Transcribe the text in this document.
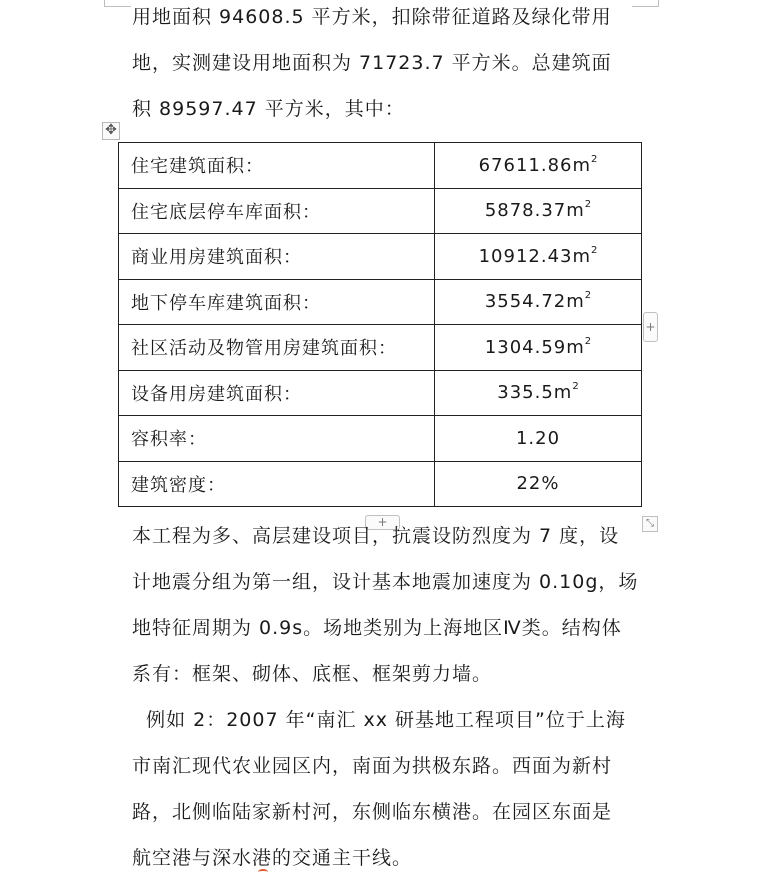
用地面积 94608.5 平方米，扣除带征道路及绿化带用
地，实测建设用地面积为 71723.7 平方米。总建筑面
积 89597.47 平方米，其中：
✥
住宅建筑面积：	$67611.86m^2$
住宅底层停车库面积：	$5878.37m^2$
商业用房建筑面积：	$10912.43m^2$
地下停车库建筑面积：	$3554.72m^2$
社区活动及物管用房建筑面积：	$1304.59m^2$
设备用房建筑面积：	$335.5m^2$
容积率：	1.20
建筑密度：	22%
+
+	⤡
本工程为多、高层建设项目，抗震设防烈度为 7 度，设
计地震分组为第一组，设计基本地震加速度为 0.10g，场
地特征周期为 0.9s。场地类别为上海地区Ⅳ类。结构体
系有：框架、砌体、底框、框架剪力墙。
例如 2：2007 年“南汇 xx 研基地工程项目”位于上海
市南汇现代农业园区内，南面为拱极东路。西面为新村
路，北侧临陆家新村河，东侧临东横港。在园区东面是
航空港与深水港的交通主干线。
